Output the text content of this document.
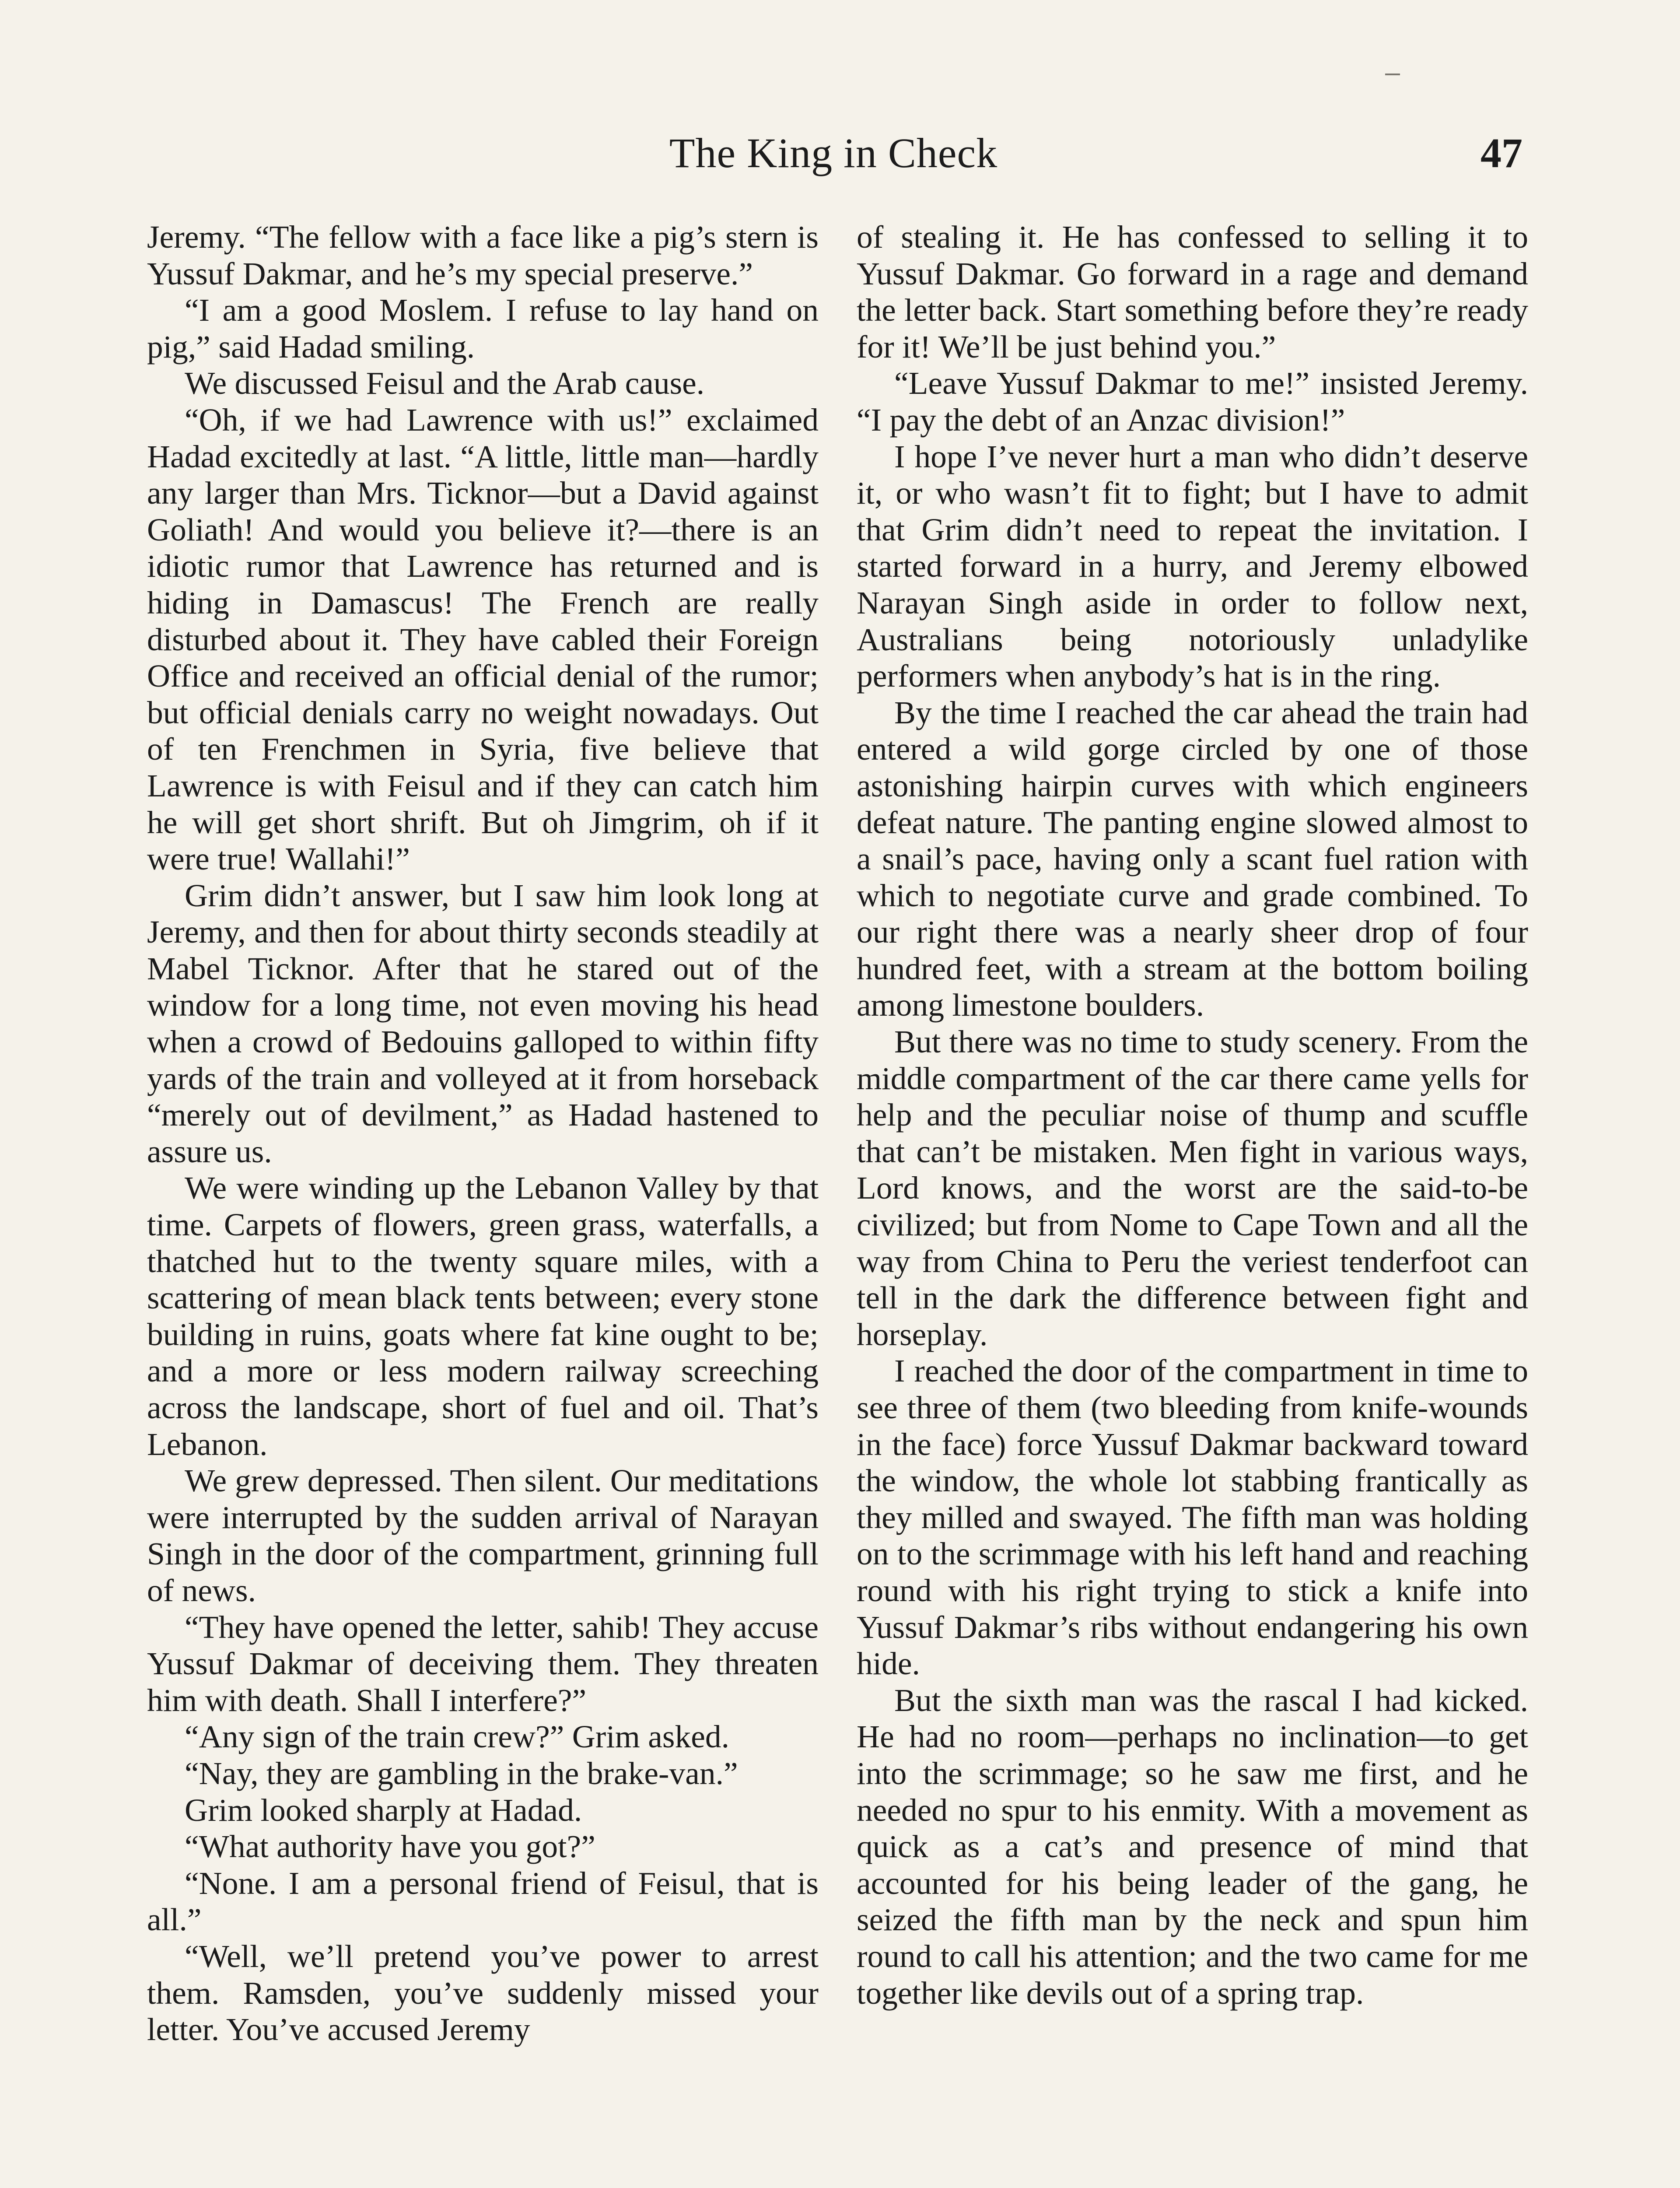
The King in Check	47

Jeremy. “The fellow with a face like a pig’s stern is Yussuf Dakmar, and he’s my special preserve.”

“I am a good Moslem. I refuse to lay hand on pig,” said Hadad smiling.

We discussed Feisul and the Arab cause.

“Oh, if we had Lawrence with us!” exclaimed Hadad excitedly at last. “A little, little man—hardly any larger than Mrs. Ticknor—but a David against Goliath! And would you believe it?—there is an idiotic rumor that Lawrence has returned and is hiding in Damascus! The French are really disturbed about it. They have cabled their Foreign Office and received an official denial of the rumor; but official denials carry no weight nowadays. Out of ten Frenchmen in Syria, five believe that Lawrence is with Feisul and if they can catch him he will get short shrift. But oh Jimgrim, oh if it were true! Wallahi!”

Grim didn’t answer, but I saw him look long at Jeremy, and then for about thirty seconds steadily at Mabel Ticknor. After that he stared out of the window for a long time, not even moving his head when a crowd of Bedouins galloped to within fifty yards of the train and volleyed at it from horseback “merely out of devilment,” as Hadad hastened to assure us.

We were winding up the Lebanon Valley by that time. Carpets of flowers, green grass, waterfalls, a thatched hut to the twenty square miles, with a scattering of mean black tents between; every stone building in ruins, goats where fat kine ought to be; and a more or less modern railway screeching across the landscape, short of fuel and oil. That’s Lebanon.

We grew depressed. Then silent. Our meditations were interrupted by the sudden arrival of Narayan Singh in the door of the compartment, grinning full of news.

“They have opened the letter, sahib! They accuse Yussuf Dakmar of deceiving them. They threaten him with death. Shall I interfere?”

“Any sign of the train crew?” Grim asked.

“Nay, they are gambling in the brake-van.”

Grim looked sharply at Hadad.

“What authority have you got?”

“None. I am a personal friend of Feisul, that is all.”

“Well, we’ll pretend you’ve power to arrest them. Ramsden, you’ve suddenly missed your letter. You’ve accused Jeremy

of stealing it. He has confessed to selling it to Yussuf Dakmar. Go forward in a rage and demand the letter back. Start something before they’re ready for it! We’ll be just behind you.”

“Leave Yussuf Dakmar to me!” insisted Jeremy. “I pay the debt of an Anzac division!”

I hope I’ve never hurt a man who didn’t deserve it, or who wasn’t fit to fight; but I have to admit that Grim didn’t need to repeat the invitation. I started forward in a hurry, and Jeremy elbowed Narayan Singh aside in order to follow next, Australians being notoriously unladylike performers when anybody’s hat is in the ring.

By the time I reached the car ahead the train had entered a wild gorge circled by one of those astonishing hairpin curves with which engineers defeat nature. The panting engine slowed almost to a snail’s pace, having only a scant fuel ration with which to negotiate curve and grade combined. To our right there was a nearly sheer drop of four hundred feet, with a stream at the bottom boiling among limestone boulders.

But there was no time to study scenery. From the middle compartment of the car there came yells for help and the peculiar noise of thump and scuffle that can’t be mistaken. Men fight in various ways, Lord knows, and the worst are the said-to-be civilized; but from Nome to Cape Town and all the way from China to Peru the veriest tenderfoot can tell in the dark the difference between fight and horseplay.

I reached the door of the compartment in time to see three of them (two bleeding from knife-wounds in the face) force Yussuf Dakmar backward toward the window, the whole lot stabbing frantically as they milled and swayed. The fifth man was holding on to the scrimmage with his left hand and reaching round with his right trying to stick a knife into Yussuf Dakmar’s ribs without endangering his own hide.

But the sixth man was the rascal I had kicked. He had no room—perhaps no inclination—to get into the scrimmage; so he saw me first, and he needed no spur to his enmity. With a movement as quick as a cat’s and presence of mind that accounted for his being leader of the gang, he seized the fifth man by the neck and spun him round to call his attention; and the two came for me together like devils out of a spring trap.
